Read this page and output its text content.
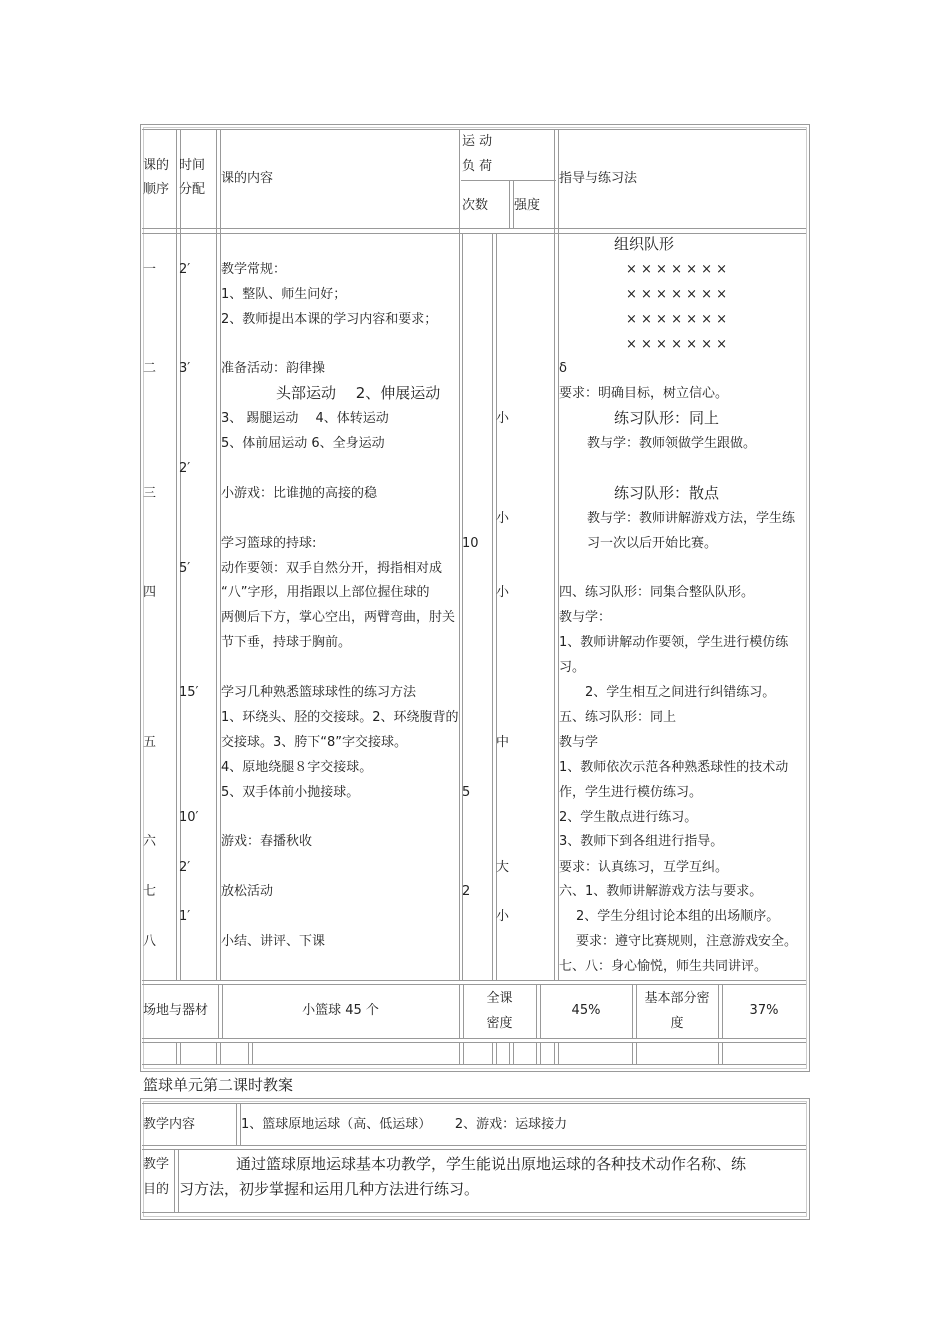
课的顺序
时间分配
课的内容
运 动
负 荷
次数 强度
指导与练习法
一
二
三
四
五
六
七
八
2′
3′
2′
5′
15′
10′
2′
1′
教学常规：
1、整队、师生问好；
2、教师提出本课的学习内容和要求；
准备活动：韵律操
头部运动　 2、伸展运动
3、 踢腿运动　 4、体转运动
5、体前屈运动 6、全身运动
小游戏：比谁抛的高接的稳
学习篮球的持球:
动作要领：双手自然分开，拇指相对成
“八”字形，用指跟以上部位握住球的
两侧后下方，掌心空出，两臂弯曲，肘关
节下垂，持球于胸前。
学习几种熟悉篮球球性的练习方法
1、环绕头、胫的交接球。2、环绕腹背的
交接球。3、胯下“8”字交接球。
4、原地绕腿８字交接球。
5、双手体前小抛接球。
游戏：春播秋收
放松活动
小结、讲评、下课
10
5
2
小
小
小
中
大
小
组织队形
× × × × × × ×
× × × × × × ×
× × × × × × ×
× × × × × × ×
δ
要求：明确目标，树立信心。
练习队形：同上
教与学：教师领做学生跟做。
练习队形：散点
教与学：教师讲解游戏方法，学生练
习一次以后开始比赛。
四、练习队形：同集合整队队形。
教与学：
1、教师讲解动作要领，学生进行模仿练
习。
2、学生相互之间进行纠错练习。
五、练习队形：同上
教与学
1、教师依次示范各种熟悉球性的技术动
作，学生进行模仿练习。
2、学生散点进行练习。
3、教师下到各组进行指导。
要求：认真练习，互学互纠。
六、1、教师讲解游戏方法与要求。
2、学生分组讨论本组的出场顺序。
要求：遵守比赛规则，注意游戏安全。
七、八：身心愉悦，师生共同讲评。
场地与器材	小篮球 45 个
全课
密度
45%
基本部分密
度
37%
篮球单元第二课时教案
教学内容	1、篮球原地运球（高、低运球）　　 2、游戏：运球接力
教学
目的
通过篮球原地运球基本功教学，学生能说出原地运球的各种技术动作名称、练
习方法，初步掌握和运用几种方法进行练习。
